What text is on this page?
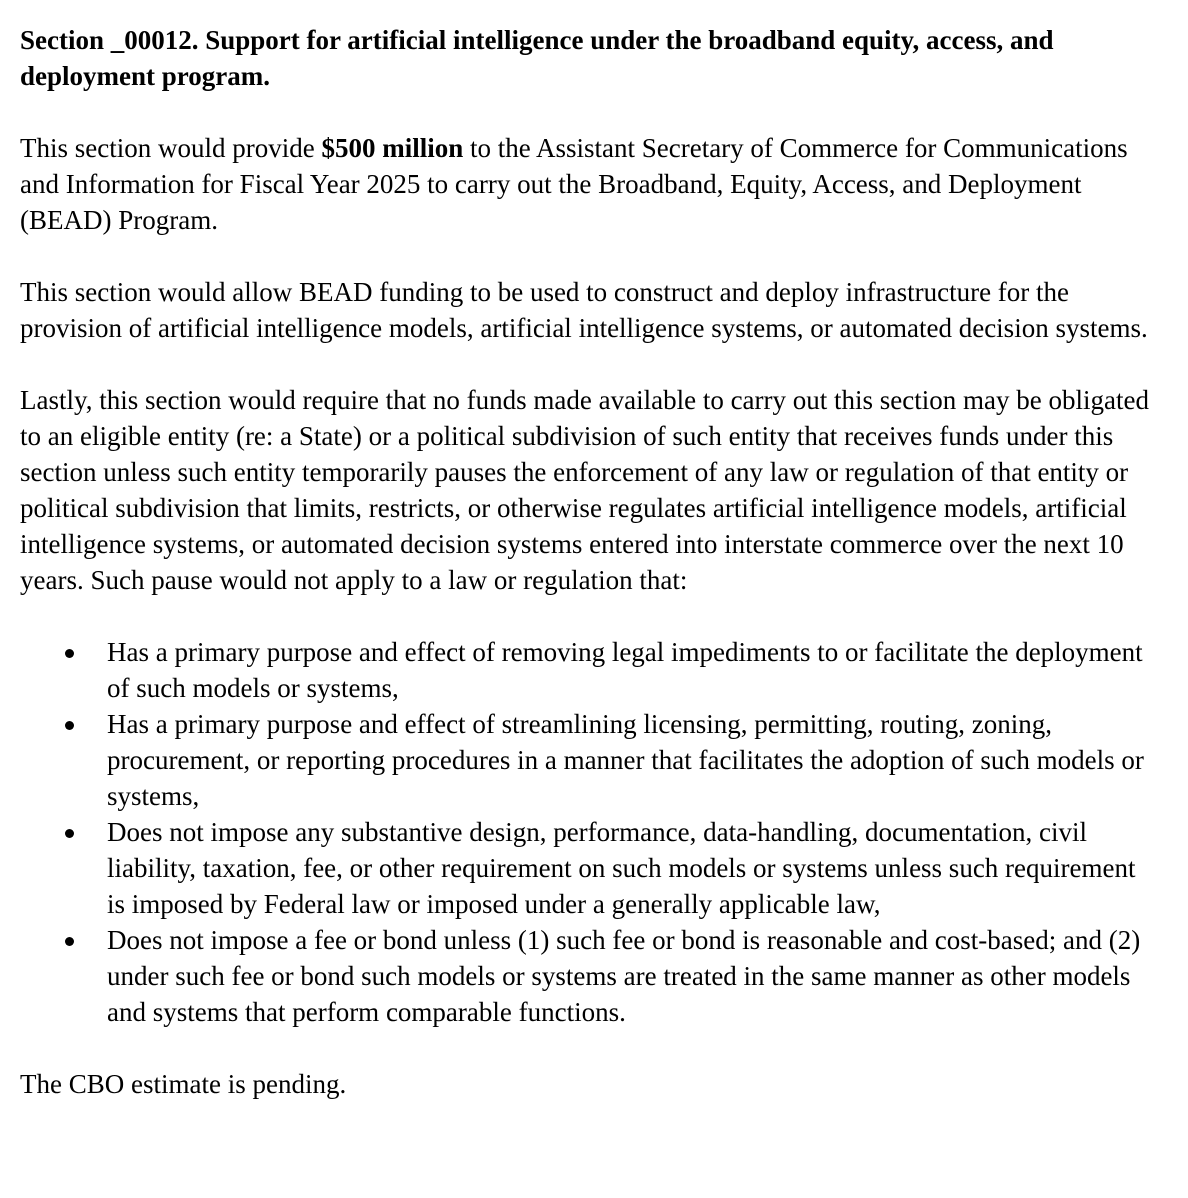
Section _00012. Support for artificial intelligence under the broadband equity, access, and deployment program.

This section would provide $500 million to the Assistant Secretary of Commerce for Communications and Information for Fiscal Year 2025 to carry out the Broadband, Equity, Access, and Deployment (BEAD) Program.

This section would allow BEAD funding to be used to construct and deploy infrastructure for the provision of artificial intelligence models, artificial intelligence systems, or automated decision systems.

Lastly, this section would require that no funds made available to carry out this section may be obligated to an eligible entity (re: a State) or a political subdivision of such entity that receives funds under this section unless such entity temporarily pauses the enforcement of any law or regulation of that entity or political subdivision that limits, restricts, or otherwise regulates artificial intelligence models, artificial intelligence systems, or automated decision systems entered into interstate commerce over the next 10 years. Such pause would not apply to a law or regulation that:

Has a primary purpose and effect of removing legal impediments to or facilitate the deployment of such models or systems,
Has a primary purpose and effect of streamlining licensing, permitting, routing, zoning, procurement, or reporting procedures in a manner that facilitates the adoption of such models or systems,
Does not impose any substantive design, performance, data-handling, documentation, civil liability, taxation, fee, or other requirement on such models or systems unless such requirement is imposed by Federal law or imposed under a generally applicable law,
Does not impose a fee or bond unless (1) such fee or bond is reasonable and cost-based; and (2) under such fee or bond such models or systems are treated in the same manner as other models and systems that perform comparable functions.

The CBO estimate is pending.
